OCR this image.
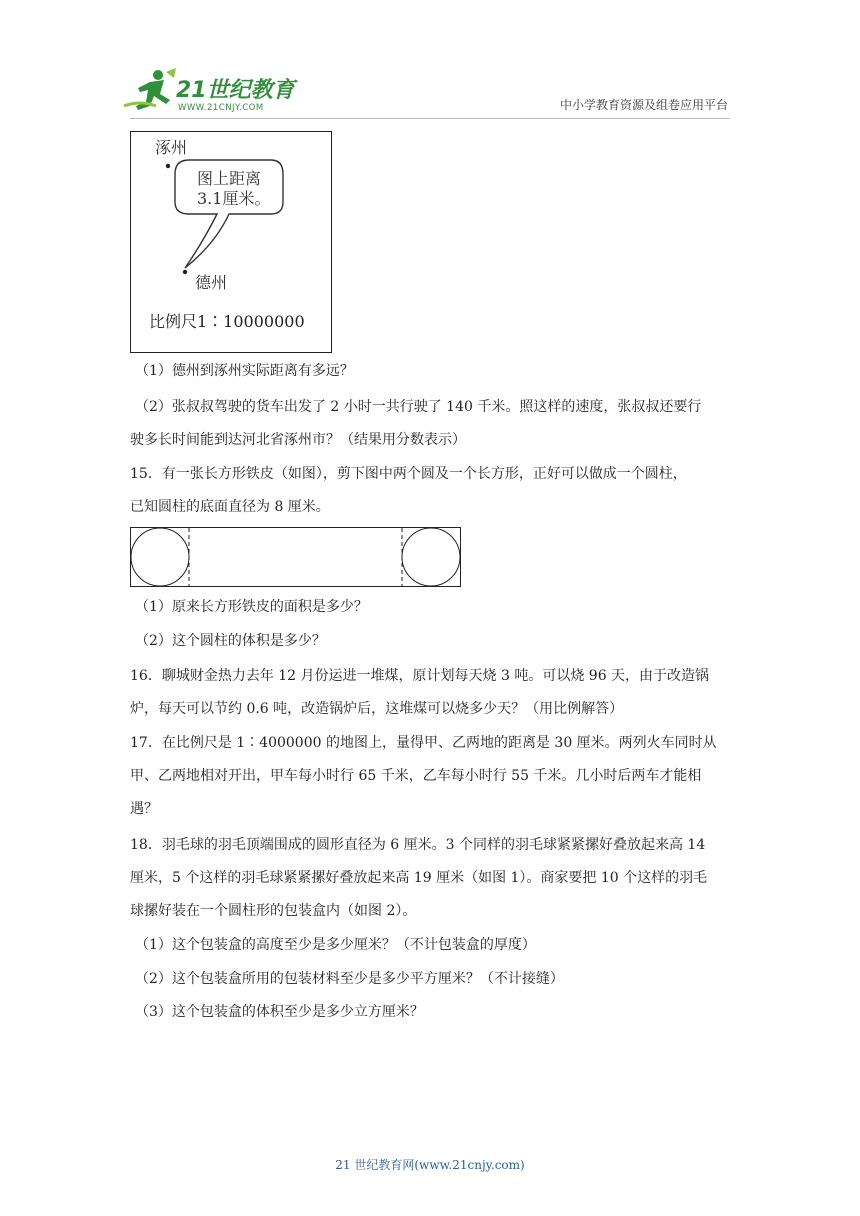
21世纪教育
WWW.21CNJY.COM	中小学教育资源及组卷应用平台
涿州
图上距离
3.1厘米。
德州
比例尺1∶10000000
（1）德州到涿州实际距离有多远？
（2）张叔叔驾驶的货车出发了 2 小时一共行驶了 140 千米。照这样的速度，张叔叔还要行
驶多长时间能到达河北省涿州市？（结果用分数表示）
15．有一张长方形铁皮（如图），剪下图中两个圆及一个长方形，正好可以做成一个圆柱，
已知圆柱的底面直径为 8 厘米。
（1）原来长方形铁皮的面积是多少？
（2）这个圆柱的体积是多少？
16．聊城财金热力去年 12 月份运进一堆煤，原计划每天烧 3 吨。可以烧 96 天，由于改造锅
炉，每天可以节约 0.6 吨，改造锅炉后，这堆煤可以烧多少天？（用比例解答）
17．在比例尺是 1∶4000000 的地图上，量得甲、乙两地的距离是 30 厘米。两列火车同时从
甲、乙两地相对开出，甲车每小时行 65 千米，乙车每小时行 55 千米。几小时后两车才能相
遇？
18．羽毛球的羽毛顶端围成的圆形直径为 6 厘米。3 个同样的羽毛球紧紧摞好叠放起来高 14
厘米，5 个这样的羽毛球紧紧摞好叠放起来高 19 厘米（如图 1）。商家要把 10 个这样的羽毛
球摞好装在一个圆柱形的包装盒内（如图 2）。
（1）这个包装盒的高度至少是多少厘米？（不计包装盒的厚度）
（2）这个包装盒所用的包装材料至少是多少平方厘米？（不计接缝）
（3）这个包装盒的体积至少是多少立方厘米？
21 世纪教育网(www.21cnjy.com)
